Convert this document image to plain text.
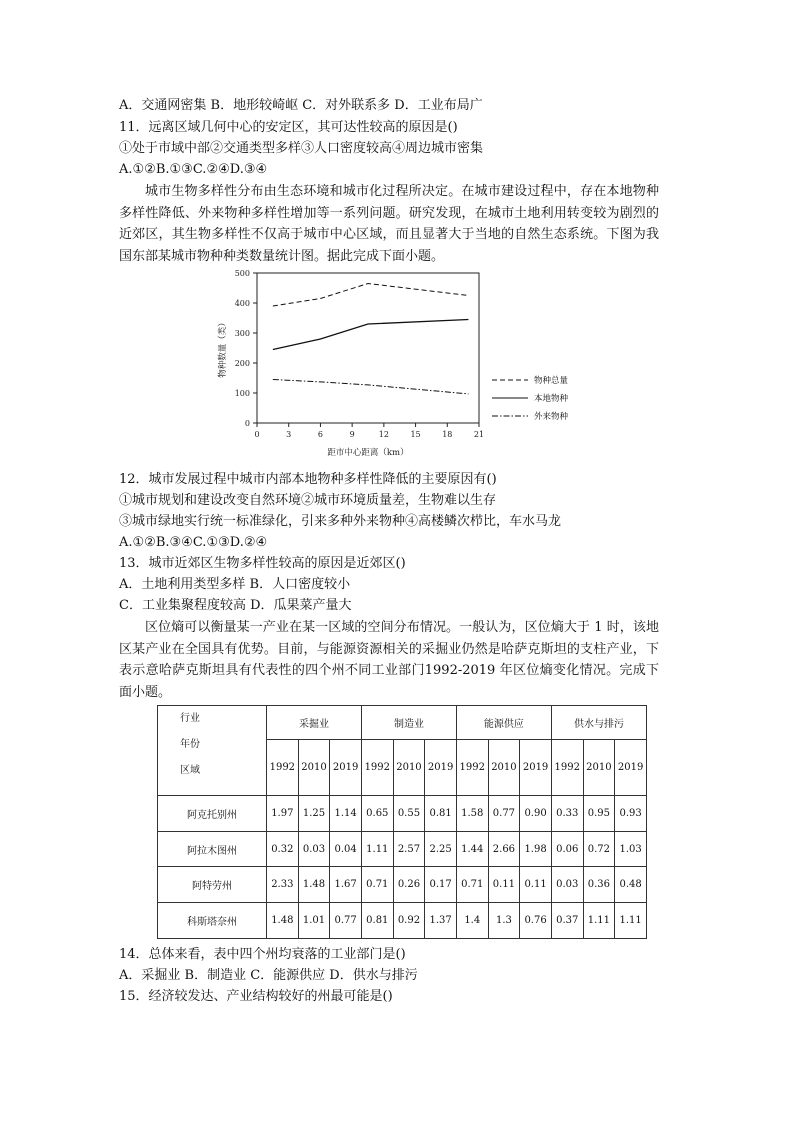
A．交通网密集 B．地形较崎岖 C．对外联系多 D．工业布局广
11．远离区域几何中心的安定区，其可达性较高的原因是()
①处于市域中部②交通类型多样③人口密度较高④周边城市密集
A.①②B.①③C.②④D.③④
城市生物多样性分布由生态环境和城市化过程所决定。在城市建设过程中，存在本地物种多样性降低、外来物种多样性增加等一系列问题。研究发现，在城市土地利用转变较为剧烈的近郊区，其生物多样性不仅高于城市中心区域，而且显著大于当地的自然生态系统。下图为我国东部某城市物种种类数量统计图。据此完成下面小题。
0
100
200
300
400
500
0	3	6	9	12	15	18	21
距市中心距离（km）
物种数量（类）
物种总量
本地物种
外来物种
12．城市发展过程中城市内部本地物种多样性降低的主要原因有()
①城市规划和建设改变自然环境②城市环境质量差，生物难以生存
③城市绿地实行统一标准绿化，引来多种外来物种④高楼鳞次栉比，车水马龙
A.①②B.③④C.①③D.②④
13．城市近郊区生物多样性较高的原因是近郊区()
A．土地利用类型多样 B．人口密度较小
C．工业集聚程度较高 D．瓜果菜产量大
区位熵可以衡量某一产业在某一区域的空间分布情况。一般认为，区位熵大于 1 时，该地区某产业在全国具有优势。目前，与能源资源相关的采掘业仍然是哈萨克斯坦的支柱产业，下表示意哈萨克斯坦具有代表性的四个州不同工业部门1992-2019 年区位熵变化情况。完成下面小题。
行业
年份
区域	采掘业			制造业			能源供应			供水与排污		
	1992	2010	2019	1992	2010	2019	1992	2010	2019	1992	2010	2019
阿克托别州	1.97	1.25	1.14	0.65	0.55	0.81	1.58	0.77	0.90	0.33	0.95	0.93
阿拉木图州	0.32	0.03	0.04	1.11	2.57	2.25	1.44	2.66	1.98	0.06	0.72	1.03
阿特劳州	2.33	1.48	1.67	0.71	0.26	0.17	0.71	0.11	0.11	0.03	0.36	0.48
科斯塔奈州	1.48	1.01	0.77	0.81	0.92	1.37	1.4	1.3	0.76	0.37	1.11	1.11
14．总体来看，表中四个州均衰落的工业部门是()
A．采掘业 B．制造业 C．能源供应 D．供水与排污
15．经济较发达、产业结构较好的州最可能是()
